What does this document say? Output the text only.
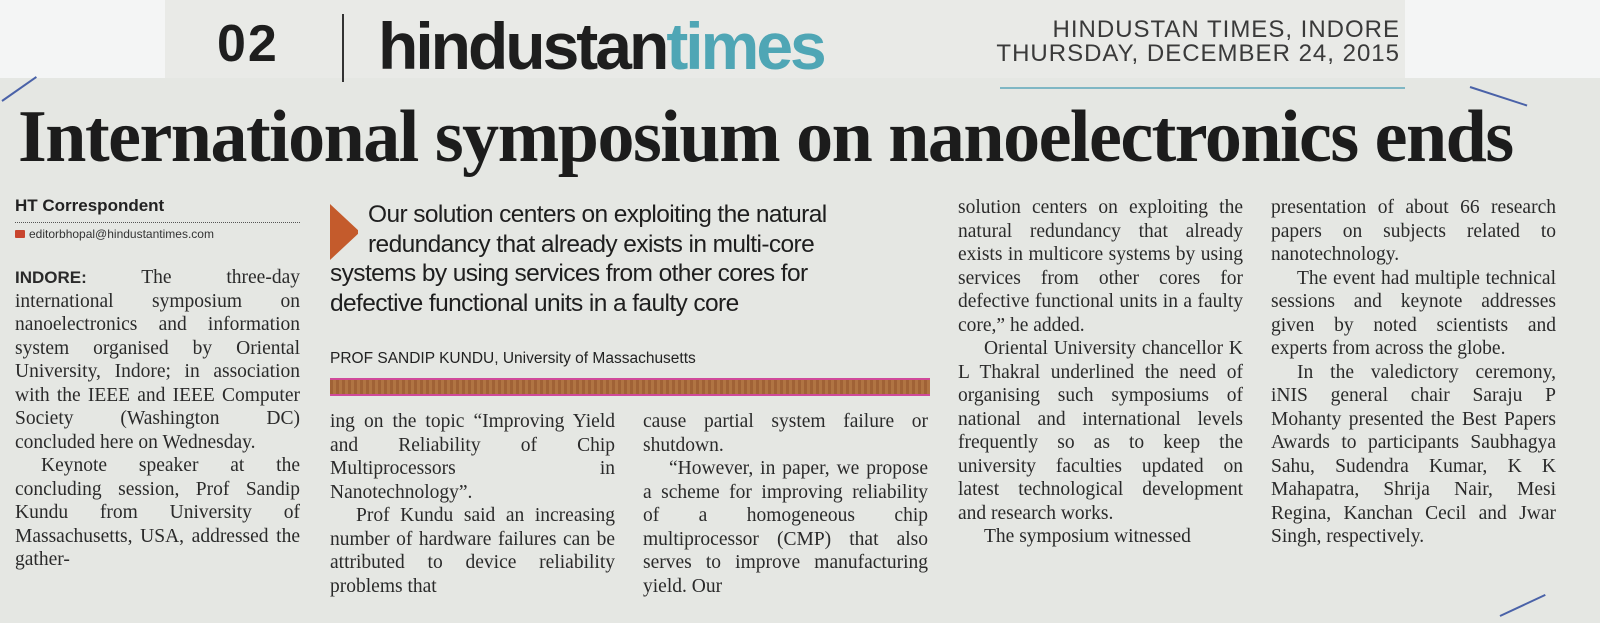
02 hindustantimes	HINDUSTAN TIMES, INDORE
THURSDAY, DECEMBER 24, 2015
International symposium on nanoelectronics ends
HT Correspondent
editorbhopal@hindustantimes.com

INDORE: The three-day international symposium on nanoelectronics and information system organised by Oriental University, Indore; in association with the IEEE and IEEE Computer Society (Washington DC) concluded here on Wednesday.

Keynote speaker at the concluding session, Prof Sandip Kundu from University of Massachusetts, USA, addressed the gather-

Our solution centers on exploiting the natural
redundancy that already exists in multi-core
systems by using services from other cores for
defective functional units in a faulty core
PROF SANDIP KUNDU, University of Massachusetts

ing on the topic “Improving Yield and Reliability of Chip Multiprocessors in Nanotechnology”.

Prof Kundu said an increasing number of hardware failures can be attributed to device reliability problems that

cause partial system failure or shutdown.

“However, in paper, we propose a scheme for improving reliability of a homogeneous chip multiprocessor (CMP) that also serves to improve manufacturing yield. Our

solution centers on exploiting the natural redundancy that already exists in multicore systems by using services from other cores for defective functional units in a faulty core,” he added.

Oriental University chancellor K L Thakral underlined the need of organising such symposiums of national and international levels frequently so as to keep the university faculties updated on latest technological development and research works.

The symposium witnessed

presentation of about 66 research papers on subjects related to nanotechnology.

The event had multiple technical sessions and keynote addresses given by noted scientists and experts from across the globe.

In the valedictory ceremony, iNIS general chair Saraju P Mohanty presented the Best Papers Awards to participants Saubhagya Sahu, Sudendra Kumar, K K Mahapatra, Shrija Nair, Mesi Regina, Kanchan Cecil and Jwar Singh, respectively.
